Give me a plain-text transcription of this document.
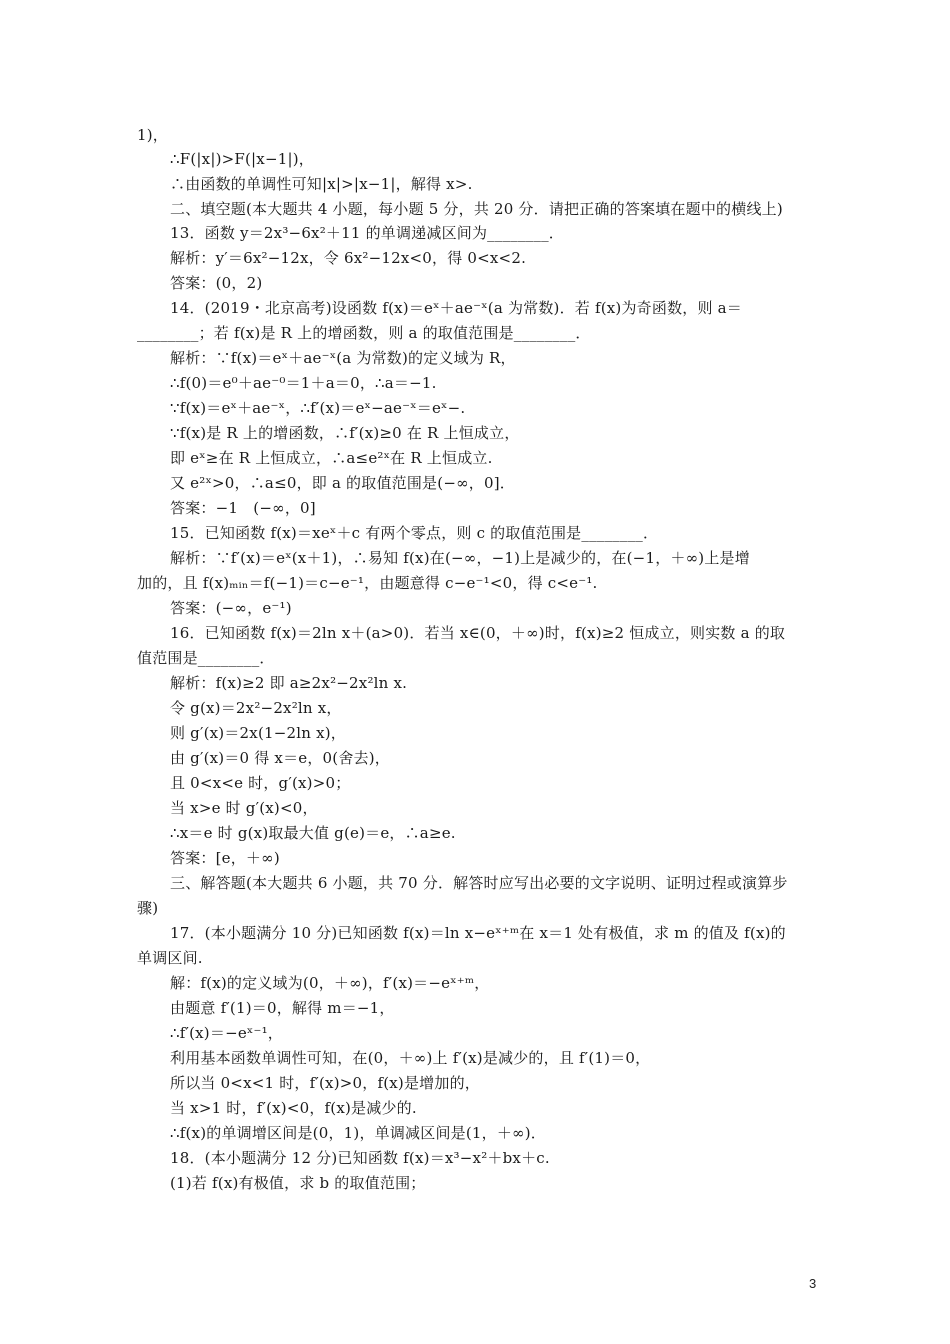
1)，
∴F(|x|)>F(|x−1|)，
∴由函数的单调性可知|x|>|x−1|，解得 x>.
二、填空题(本大题共 4 小题，每小题 5 分，共 20 分．请把正确的答案填在题中的横线上)
13．函数 y＝2x³−6x²＋11 的单调递减区间为________．
解析：y′＝6x²−12x，令 6x²−12x<0，得 0<x<2.
答案：(0，2)
14．(2019・北京高考)设函数 f(x)＝eˣ＋ae⁻ˣ(a 为常数)．若 f(x)为奇函数，则 a＝
________；若 f(x)是 R 上的增函数，则 a 的取值范围是________．
解析：∵f(x)＝eˣ＋ae⁻ˣ(a 为常数)的定义域为 R，
∴f(0)＝e⁰＋ae⁻⁰＝1＋a＝0，∴a＝−1.
∵f(x)＝eˣ＋ae⁻ˣ，∴f′(x)＝eˣ−ae⁻ˣ＝eˣ−.
∵f(x)是 R 上的增函数，∴f′(x)≥0 在 R 上恒成立，
即 eˣ≥在 R 上恒成立，∴a≤e²ˣ在 R 上恒成立.
又 e²ˣ>0，∴a≤0，即 a 的取值范围是(−∞，0]．
答案：−1　(−∞，0]
15．已知函数 f(x)＝xeˣ＋c 有两个零点，则 c 的取值范围是________．
解析：∵f′(x)＝eˣ(x＋1)，∴易知 f(x)在(−∞，−1)上是减少的，在(−1，＋∞)上是增
加的，且 f(x)ₘᵢₙ＝f(−1)＝c−e⁻¹，由题意得 c−e⁻¹<0，得 c<e⁻¹.
答案：(−∞，e⁻¹)
16．已知函数 f(x)＝2ln x＋(a>0)．若当 x∈(0，＋∞)时，f(x)≥2 恒成立，则实数 a 的取
值范围是________．
解析：f(x)≥2 即 a≥2x²−2x²ln x.
令 g(x)＝2x²−2x²ln x，
则 g′(x)＝2x(1−2ln x)，
由 g′(x)＝0 得 x＝e，0(舍去)，
且 0<x<e 时，g′(x)>0；
当 x>e 时 g′(x)<0，
∴x＝e 时 g(x)取最大值 g(e)＝e，∴a≥e.
答案：[e，＋∞)
三、解答题(本大题共 6 小题，共 70 分．解答时应写出必要的文字说明、证明过程或演算步
骤)
17．(本小题满分 10 分)已知函数 f(x)＝ln x−eˣ⁺ᵐ在 x＝1 处有极值，求 m 的值及 f(x)的
单调区间.
解：f(x)的定义域为(0，＋∞)，f′(x)＝−eˣ⁺ᵐ，
由题意 f′(1)＝0，解得 m＝−1，
∴f′(x)＝−eˣ⁻¹，
利用基本函数单调性可知，在(0，＋∞)上 f′(x)是减少的，且 f′(1)＝0，
所以当 0<x<1 时，f′(x)>0，f(x)是增加的，
当 x>1 时，f′(x)<0，f(x)是减少的.
∴f(x)的单调增区间是(0，1)，单调减区间是(1，＋∞)．
18．(本小题满分 12 分)已知函数 f(x)＝x³−x²＋bx＋c.
(1)若 f(x)有极值，求 b 的取值范围；
3
